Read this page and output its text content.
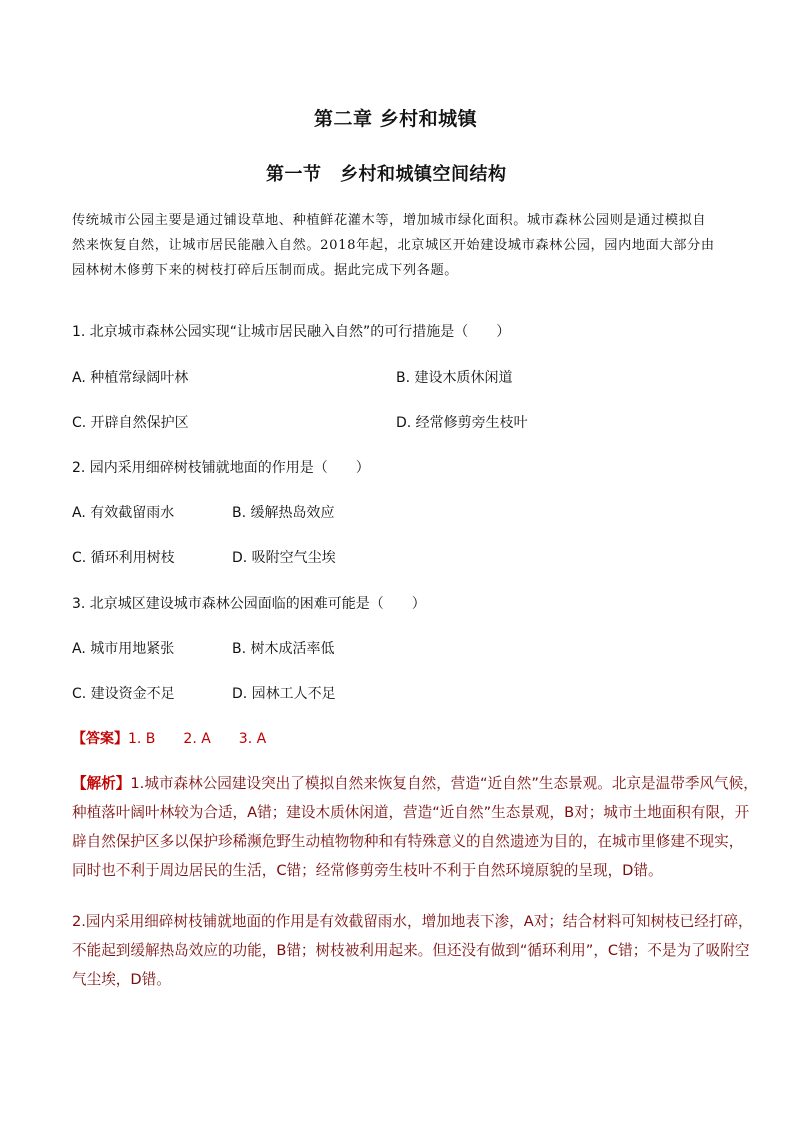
第二章 乡村和城镇
第一节　乡村和城镇空间结构

传统城市公园主要是通过铺设草地、种植鲜花灌木等，增加城市绿化面积。城市森林公园则是通过模拟自

然来恢复自然，让城市居民能融入自然。2018年起，北京城区开始建设城市森林公园，园内地面大部分由

园林树木修剪下来的树枝打碎后压制而成。据此完成下列各题。

1. 北京城市森林公园实现“让城市居民融入自然”的可行措施是（　　）
A. 种植常绿阔叶林	B. 建设木质休闲道
C. 开辟自然保护区	D. 经常修剪旁生枝叶
2. 园内采用细碎树枝铺就地面的作用是（　　）
A. 有效截留雨水	B. 缓解热岛效应
C. 循环利用树枝	D. 吸附空气尘埃
3. 北京城区建设城市森林公园面临的困难可能是（　　）
A. 城市用地紧张	B. 树木成活率低
C. 建设资金不足	D. 园林工人不足
【答案】1. B　　2. A　　3. A

【解析】1.城市森林公园建设突出了模拟自然来恢复自然，营造“近自然”生态景观。北京是温带季风气候，

种植落叶阔叶林较为合适，A错；建设木质休闲道，营造“近自然”生态景观，B对；城市土地面积有限，开

辟自然保护区多以保护珍稀濒危野生动植物物种和有特殊意义的自然遗迹为目的，在城市里修建不现实，

同时也不利于周边居民的生活，C错；经常修剪旁生枝叶不利于自然环境原貌的呈现，D错。

2.园内采用细碎树枝铺就地面的作用是有效截留雨水，增加地表下渗，A对；结合材料可知树枝已经打碎，

不能起到缓解热岛效应的功能，B错；树枝被利用起来。但还没有做到“循环利用”，C错；不是为了吸附空

气尘埃，D错。
